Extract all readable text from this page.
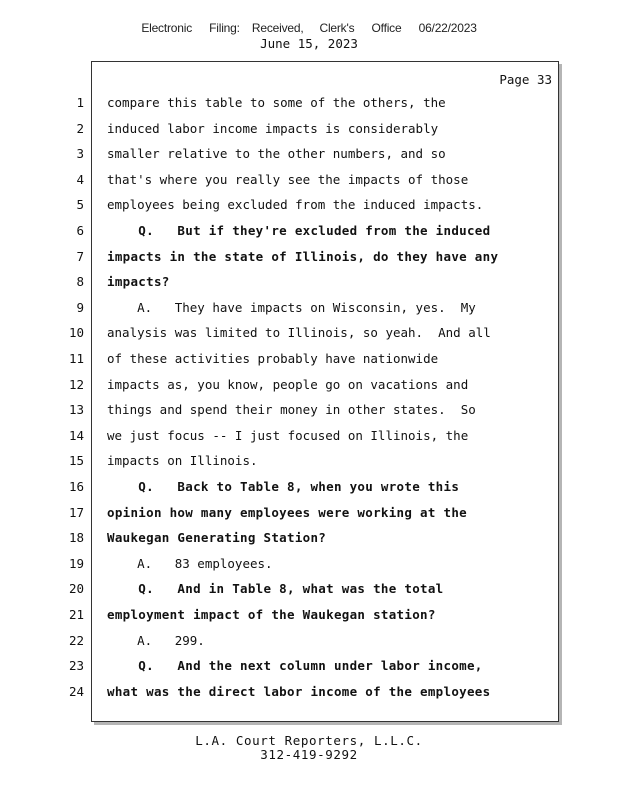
Electronic Filing: Received, Clerk's Office 06/22/2023
June 15, 2023
Page 33
1 compare this table to some of the others, the
2 induced labor income impacts is considerably
3 smaller relative to the other numbers, and so
4 that's where you really see the impacts of those
5 employees being excluded from the induced impacts.
6 Q.   But if they're excluded from the induced
7 impacts in the state of Illinois, do they have any
8 impacts?
9 A.   They have impacts on Wisconsin, yes.  My
10 analysis was limited to Illinois, so yeah.  And all
11 of these activities probably have nationwide
12 impacts as, you know, people go on vacations and
13 things and spend their money in other states.  So
14 we just focus -- I just focused on Illinois, the
15 impacts on Illinois.
16 Q.   Back to Table 8, when you wrote this
17 opinion how many employees were working at the
18 Waukegan Generating Station?
19 A.   83 employees.
20 Q.   And in Table 8, what was the total
21 employment impact of the Waukegan station?
22 A.   299.
23 Q.   And the next column under labor income,
24 what was the direct labor income of the employees
L.A. Court Reporters, L.L.C.
312-419-9292
